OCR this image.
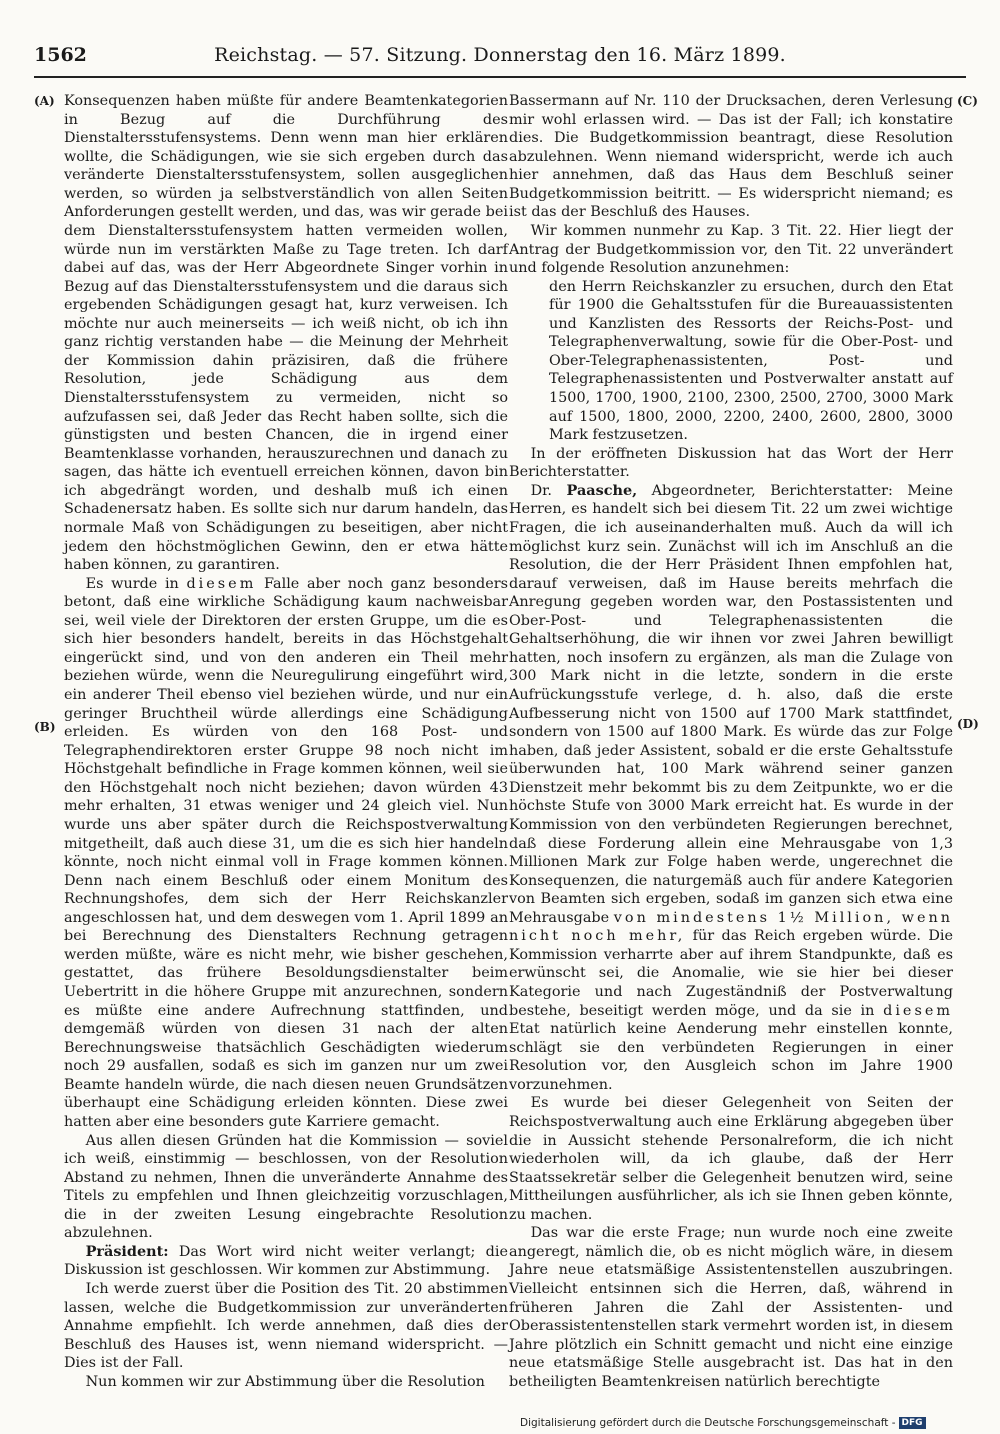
1562	Reichstag. — 57. Sitzung. Donnerstag den 16. März 1899.
(A)
(B)
(C)
(D)

Konsequenzen haben müßte für andere Beamtenkategorien in Bezug auf die Durchführung des Dienstaltersstufensystems. Denn wenn man hier erklären wollte, die Schädigungen, wie sie sich ergeben durch das veränderte Dienstaltersstufensystem, sollen ausgeglichen werden, so würden ja selbstverständlich von allen Seiten Anforderungen gestellt werden, und das, was wir gerade bei dem Dienstaltersstufensystem hatten vermeiden wollen, würde nun im verstärkten Maße zu Tage treten. Ich darf dabei auf das, was der Herr Abgeordnete Singer vorhin in Bezug auf das Dienstaltersstufensystem und die daraus sich ergebenden Schädigungen gesagt hat, kurz verweisen. Ich möchte nur auch meinerseits — ich weiß nicht, ob ich ihn ganz richtig verstanden habe — die Meinung der Mehrheit der Kommission dahin präzisiren, daß die frühere Resolution, jede Schädigung aus dem Dienstaltersstufensystem zu vermeiden, nicht so aufzufassen sei, daß Jeder das Recht haben sollte, sich die günstigsten und besten Chancen, die in irgend einer Beamtenklasse vorhanden, herauszurechnen und danach zu sagen, das hätte ich eventuell erreichen können, davon bin ich abgedrängt worden, und deshalb muß ich einen Schadenersatz haben. Es sollte sich nur darum handeln, das normale Maß von Schädigungen zu beseitigen, aber nicht jedem den höchstmöglichen Gewinn, den er etwa hätte haben können, zu garantiren.

Es wurde in diesem Falle aber noch ganz besonders betont, daß eine wirkliche Schädigung kaum nachweisbar sei, weil viele der Direktoren der ersten Gruppe, um die es sich hier besonders handelt, bereits in das Höchstgehalt eingerückt sind, und von den anderen ein Theil mehr beziehen würde, wenn die Neuregulirung eingeführt wird, ein anderer Theil ebenso viel beziehen würde, und nur ein geringer Bruchtheil würde allerdings eine Schädigung erleiden. Es würden von den 168 Post- und Telegraphendirektoren erster Gruppe 98 noch nicht im Höchstgehalt befindliche in Frage kommen können, weil sie den Höchstgehalt noch nicht beziehen; davon würden 43 mehr erhalten, 31 etwas weniger und 24 gleich viel. Nun wurde uns aber später durch die Reichspostverwaltung mitgetheilt, daß auch diese 31, um die es sich hier handeln könnte, noch nicht einmal voll in Frage kommen können. Denn nach einem Beschluß oder einem Monitum des Rechnungshofes, dem sich der Herr Reichskanzler angeschlossen hat, und dem deswegen vom 1. April 1899 an bei Berechnung des Dienstalters Rechnung getragen werden müßte, wäre es nicht mehr, wie bisher geschehen, gestattet, das frühere Besoldungsdienstalter beim Uebertritt in die höhere Gruppe mit anzurechnen, sondern es müßte eine andere Aufrechnung stattfinden, und demgemäß würden von diesen 31 nach der alten Berechnungsweise thatsächlich Geschädigten wiederum noch 29 ausfallen, sodaß es sich im ganzen nur um zwei Beamte handeln würde, die nach diesen neuen Grundsätzen überhaupt eine Schädigung erleiden könnten. Diese zwei hatten aber eine besonders gute Karriere gemacht.

Aus allen diesen Gründen hat die Kommission — soviel ich weiß, einstimmig — beschlossen, von der Resolution Abstand zu nehmen, Ihnen die unveränderte Annahme des Titels zu empfehlen und Ihnen gleichzeitig vorzuschlagen, die in der zweiten Lesung eingebrachte Resolution abzulehnen.

Präsident: Das Wort wird nicht weiter verlangt; die Diskussion ist geschlossen. Wir kommen zur Abstimmung.

Ich werde zuerst über die Position des Tit. 20 abstimmen lassen, welche die Budgetkommission zur unveränderten Annahme empfiehlt. Ich werde annehmen, daß dies der Beschluß des Hauses ist, wenn niemand widerspricht. — Dies ist der Fall.

Nun kommen wir zur Abstimmung über die Resolution

Bassermann auf Nr. 110 der Drucksachen, deren Verlesung mir wohl erlassen wird. — Das ist der Fall; ich konstatire dies. Die Budgetkommission beantragt, diese Resolution abzulehnen. Wenn niemand widerspricht, werde ich auch hier annehmen, daß das Haus dem Beschluß seiner Budgetkommission beitritt. — Es widerspricht niemand; es ist das der Beschluß des Hauses.

Wir kommen nunmehr zu Kap. 3 Tit. 22. Hier liegt der Antrag der Budgetkommission vor, den Tit. 22 unverändert und folgende Resolution anzunehmen:

den Herrn Reichskanzler zu ersuchen, durch den Etat für 1900 die Gehaltsstufen für die Bureauassistenten und Kanzlisten des Ressorts der Reichs-Post- und Telegraphenverwaltung, sowie für die Ober-Post- und Ober-Telegraphenassistenten, Post- und Telegraphenassistenten und Postverwalter anstatt auf 1500, 1700, 1900, 2100, 2300, 2500, 2700, 3000 Mark auf 1500, 1800, 2000, 2200, 2400, 2600, 2800, 3000 Mark festzusetzen.

In der eröffneten Diskussion hat das Wort der Herr Berichterstatter.

Dr. Paasche, Abgeordneter, Berichterstatter: Meine Herren, es handelt sich bei diesem Tit. 22 um zwei wichtige Fragen, die ich auseinanderhalten muß. Auch da will ich möglichst kurz sein. Zunächst will ich im Anschluß an die Resolution, die der Herr Präsident Ihnen empfohlen hat, darauf verweisen, daß im Hause bereits mehrfach die Anregung gegeben worden war, den Postassistenten und Ober-Post- und Telegraphenassistenten die Gehaltserhöhung, die wir ihnen vor zwei Jahren bewilligt hatten, noch insofern zu ergänzen, als man die Zulage von 300 Mark nicht in die letzte, sondern in die erste Aufrückungsstufe verlege, d. h. also, daß die erste Aufbesserung nicht von 1500 auf 1700 Mark stattfindet, sondern von 1500 auf 1800 Mark. Es würde das zur Folge haben, daß jeder Assistent, sobald er die erste Gehaltsstufe überwunden hat, 100 Mark während seiner ganzen Dienstzeit mehr bekommt bis zu dem Zeitpunkte, wo er die höchste Stufe von 3000 Mark erreicht hat. Es wurde in der Kommission von den verbündeten Regierungen berechnet, daß diese Forderung allein eine Mehrausgabe von 1,3 Millionen Mark zur Folge haben werde, ungerechnet die Konsequenzen, die naturgemäß auch für andere Kategorien von Beamten sich ergeben, sodaß im ganzen sich etwa eine Mehrausgabe von mindestens 1½ Million, wenn nicht noch mehr, für das Reich ergeben würde. Die Kommission verharrte aber auf ihrem Standpunkte, daß es erwünscht sei, die Anomalie, wie sie hier bei dieser Kategorie und nach Zugeständniß der Postverwaltung bestehe, beseitigt werden möge, und da sie in diesem Etat natürlich keine Aenderung mehr einstellen konnte, schlägt sie den verbündeten Regierungen in einer Resolution vor, den Ausgleich schon im Jahre 1900 vorzunehmen.

Es wurde bei dieser Gelegenheit von Seiten der Reichspostverwaltung auch eine Erklärung abgegeben über die in Aussicht stehende Personalreform, die ich nicht wiederholen will, da ich glaube, daß der Herr Staatssekretär selber die Gelegenheit benutzen wird, seine Mittheilungen ausführlicher, als ich sie Ihnen geben könnte, zu machen.

Das war die erste Frage; nun wurde noch eine zweite angeregt, nämlich die, ob es nicht möglich wäre, in diesem Jahre neue etatsmäßige Assistentenstellen auszubringen. Vielleicht entsinnen sich die Herren, daß, während in früheren Jahren die Zahl der Assistenten- und Oberassistentenstellen stark vermehrt worden ist, in diesem Jahre plötzlich ein Schnitt gemacht und nicht eine einzige neue etatsmäßige Stelle ausgebracht ist. Das hat in den betheiligten Beamtenkreisen natürlich berechtigte

Digitalisierung gefördert durch die Deutsche Forschungsgemeinschaft - DFG
